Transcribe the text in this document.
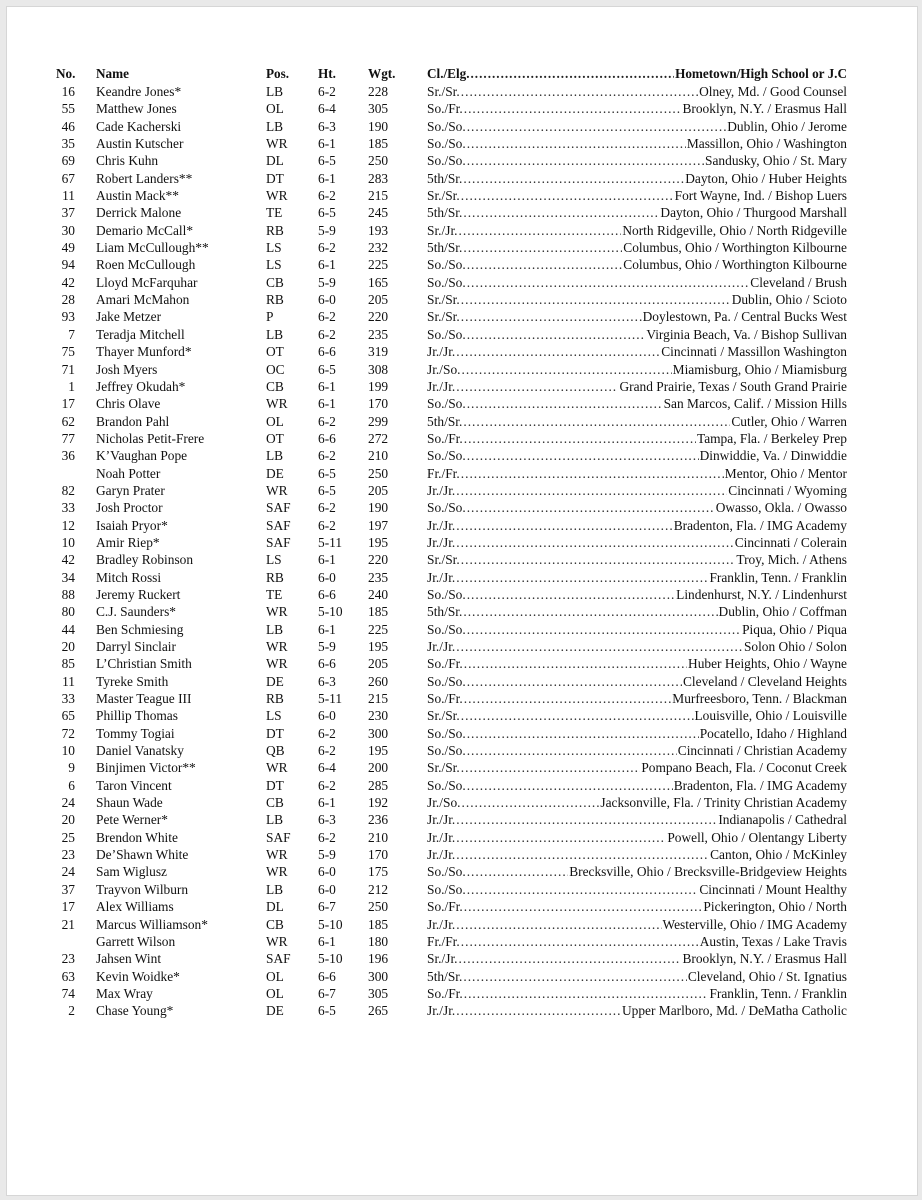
No. Name	Pos. Ht. Wgt. Cl./Elg. .....	Hometown/High School or J.C
16 Keandre Jones*	LB	6-2 228	Sr./Sr. .....	Olney, Md. / Good Counsel
55 Matthew Jones	OL	6-4 305	So./Fr. .....	Brooklyn, N.Y. / Erasmus Hall
46 Cade Kacherski	LB	6-3 190	So./So. .....	Dublin, Ohio / Jerome
35 Austin Kutscher	WR 6-1 185	So./So. .....	Massillon, Ohio / Washington
69 Chris Kuhn	DL	6-5 250	So./So. .....	Sandusky, Ohio / St. Mary
67 Robert Landers**	DT	6-1 283	5th/Sr. .....	Dayton, Ohio / Huber Heights
11 Austin Mack**	WR 6-2 215	Sr./Sr. .....	Fort Wayne, Ind. / Bishop Luers
37 Derrick Malone	TE	6-5 245	5th/Sr. .....	Dayton, Ohio / Thurgood Marshall
30 Demario McCall*	RB	5-9 193	Sr./Jr. .....	North Ridgeville, Ohio / North Ridgeville
49 Liam McCullough**	LS	6-2 232	5th/Sr. .....	Columbus, Ohio / Worthington Kilbourne
94 Roen McCullough	LS	6-1 225	So./So. .....	Columbus, Ohio / Worthington Kilbourne
42 Lloyd McFarquhar	CB	5-9 165	So./So. .....	Cleveland / Brush
28 Amari McMahon	RB	6-0 205	Sr./Sr. .....	Dublin, Ohio / Scioto
93 Jake Metzer	P	6-2 220	Sr./Sr. .....	Doylestown, Pa. / Central Bucks West
7 Teradja Mitchell	LB	6-2 235	So./So. .....	Virginia Beach, Va. / Bishop Sullivan
75 Thayer Munford*	OT	6-6 319	Jr./Jr. .....	Cincinnati / Massillon Washington
71 Josh Myers	OC 6-5 308	Jr./So. .....	Miamisburg, Ohio / Miamisburg
1 Jeffrey Okudah*	CB	6-1 199	Jr./Jr. .....	Grand Prairie, Texas / South Grand Prairie
17 Chris Olave	WR 6-1 170	So./So. .....	San Marcos, Calif. / Mission Hills
62 Brandon Pahl	OL	6-2 299	5th/Sr. .....	Cutler, Ohio / Warren
77 Nicholas Petit-Frere	OT	6-6 272	So./Fr. .....	Tampa, Fla. / Berkeley Prep
36 K’Vaughan Pope	LB	6-2 210	So./So. .....	Dinwiddie, Va. / Dinwiddie
Noah Potter	DE	6-5 250	Fr./Fr. .....	Mentor, Ohio / Mentor
82 Garyn Prater	WR 6-5 205	Jr./Jr. .....	Cincinnati / Wyoming
33 Josh Proctor	SAF 6-2 190	So./So. .....	Owasso, Okla. / Owasso
12 Isaiah Pryor*	SAF 6-2 197	Jr./Jr. .....	Bradenton, Fla. / IMG Academy
10 Amir Riep*	SAF 5-11 195	Jr./Jr. .....	Cincinnati / Colerain
42 Bradley Robinson	LS	6-1 220	Sr./Sr. .....	Troy, Mich. / Athens
34 Mitch Rossi	RB	6-0 235	Jr./Jr. .....	Franklin, Tenn. / Franklin
88 Jeremy Ruckert	TE	6-6 240	So./So. .....	Lindenhurst, N.Y. / Lindenhurst
80 C.J. Saunders*	WR 5-10 185	5th/Sr. .....	Dublin, Ohio / Coffman
44 Ben Schmiesing	LB	6-1 225	So./So. .....	Piqua, Ohio / Piqua
20 Darryl Sinclair	WR 5-9 195	Jr./Jr. .....	Solon Ohio / Solon
85 L’Christian Smith	WR 6-6 205	So./Fr. .....	Huber Heights, Ohio / Wayne
11 Tyreke Smith	DE	6-3 260	So./So. .....	Cleveland / Cleveland Heights
33 Master Teague III	RB	5-11 215	So./Fr. .....	Murfreesboro, Tenn. / Blackman
65 Phillip Thomas	LS	6-0 230	Sr./Sr. .....	Louisville, Ohio / Louisville
72 Tommy Togiai	DT	6-2 300	So./So. .....	Pocatello, Idaho / Highland
10 Daniel Vanatsky	QB 6-2 195	So./So. .....	Cincinnati / Christian Academy
9 Binjimen Victor**	WR 6-4 200	Sr./Sr. .....	Pompano Beach, Fla. / Coconut Creek
6 Taron Vincent	DT	6-2 285	So./So. .....	Bradenton, Fla. / IMG Academy
24 Shaun Wade	CB	6-1 192	Jr./So. .....	Jacksonville, Fla. / Trinity Christian Academy
20 Pete Werner*	LB	6-3 236	Jr./Jr. .....	Indianapolis / Cathedral
25 Brendon White	SAF 6-2 210	Jr./Jr. .....	Powell, Ohio / Olentangy Liberty
23 De’Shawn White	WR 5-9 170	Jr./Jr. .....	Canton, Ohio / McKinley
24 Sam Wiglusz	WR 6-0 175	So./So. .....	Brecksville, Ohio / Brecksville-Bridgeview Heights
37 Trayvon Wilburn	LB	6-0 212	So./So. .....	Cincinnati / Mount Healthy
17 Alex Williams	DL	6-7 250	So./Fr. .....	Pickerington, Ohio / North
21 Marcus Williamson*	CB	5-10 185	Jr./Jr. .....	Westerville, Ohio / IMG Academy
Garrett Wilson	WR 6-1 180	Fr./Fr. .....	Austin, Texas / Lake Travis
23 Jahsen Wint	SAF 5-10 196	Sr./Jr. .....	Brooklyn, N.Y. / Erasmus Hall
63 Kevin Woidke*	OL	6-6 300	5th/Sr. .....	Cleveland, Ohio / St. Ignatius
74 Max Wray	OL	6-7 305	So./Fr. .....	Franklin, Tenn. / Franklin
2 Chase Young*	DE	6-5 265	Jr./Jr. .....	Upper Marlboro, Md. / DeMatha Catholic
